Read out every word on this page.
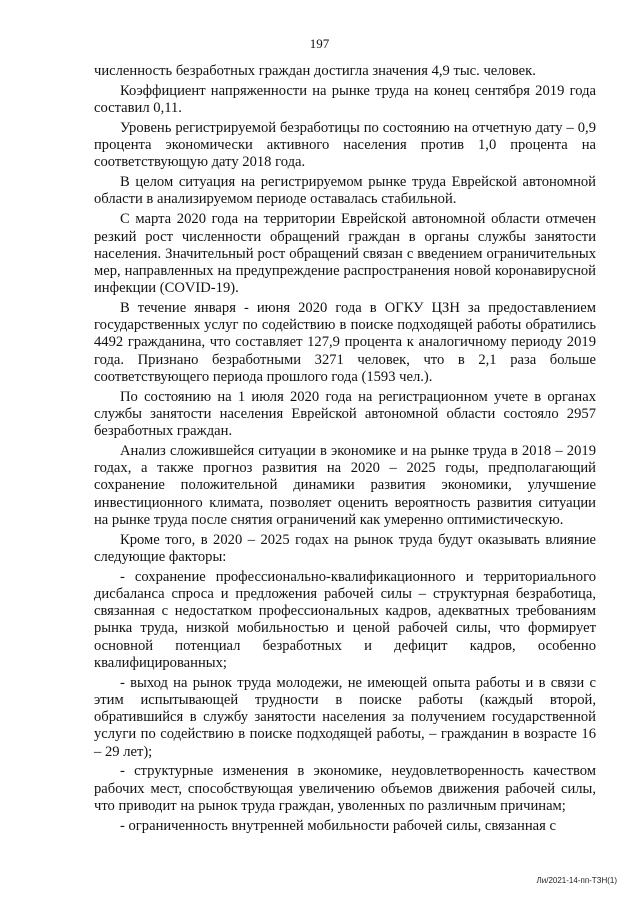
197

численность безработных граждан достигла значения 4,9 тыс. человек.

Коэффициент напряженности на рынке труда на конец сентября 2019 года составил 0,11.

Уровень регистрируемой безработицы по состоянию на отчетную дату – 0,9 процента экономически активного населения против 1,0 процента на соответствующую дату 2018 года.

В целом ситуация на регистрируемом рынке труда Еврейской автономной области в анализируемом периоде оставалась стабильной.

С марта 2020 года на территории Еврейской автономной области отмечен резкий рост численности обращений граждан в органы службы занятости населения. Значительный рост обращений связан с введением ограничительных мер, направленных на предупреждение распространения новой коронавирусной инфекции (COVID-19).

В течение января - июня 2020 года в ОГКУ ЦЗН за предоставлением государственных услуг по содействию в поиске подходящей работы обратились 4492 гражданина, что составляет 127,9 процента к аналогичному периоду 2019 года. Признано безработными 3271 человек, что в 2,1 раза больше соответствующего периода прошлого года (1593 чел.).

По состоянию на 1 июля 2020 года на регистрационном учете в органах службы занятости населения Еврейской автономной области состояло 2957 безработных граждан.

Анализ сложившейся ситуации в экономике и на рынке труда в 2018 – 2019 годах, а также прогноз развития на 2020 – 2025 годы, предполагающий сохранение положительной динамики развития экономики, улучшение инвестиционного климата, позволяет оценить вероятность развития ситуации на рынке труда после снятия ограничений как умеренно оптимистическую.

Кроме того, в 2020 – 2025 годах на рынок труда будут оказывать влияние следующие факторы:

- сохранение профессионально-квалификационного и территориального дисбаланса спроса и предложения рабочей силы – структурная безработица, связанная с недостатком профессиональных кадров, адекватных требованиям рынка труда, низкой мобильностью и ценой рабочей силы, что формирует основной потенциал безработных и дефицит кадров, особенно квалифицированных;

- выход на рынок труда молодежи, не имеющей опыта работы и в связи с этим испытывающей трудности в поиске работы (каждый второй, обратившийся в службу занятости населения за получением государственной услуги по содействию в поиске подходящей работы, – гражданин в возрасте 16 – 29 лет);

- структурные изменения в экономике, неудовлетворенность качеством рабочих мест, способствующая увеличению объемов движения рабочей силы, что приводит на рынок труда граждан, уволенных по различным причинам;

- ограниченность внутренней мобильности рабочей силы, связанная с

Ли/2021-14-пп-ТЗН(1)
